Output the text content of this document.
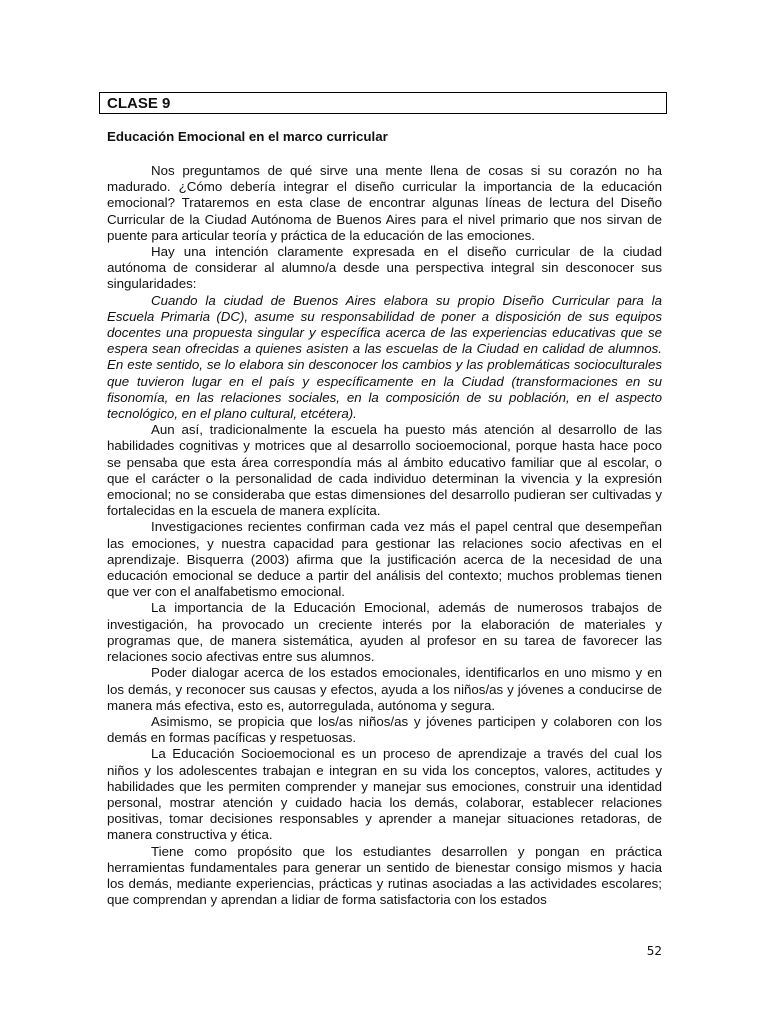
CLASE 9
Educación Emocional en el marco curricular

Nos preguntamos de qué sirve una mente llena de cosas si su corazón no ha madurado. ¿Cómo debería integrar el diseño curricular la importancia de la educación emocional? Trataremos en esta clase de encontrar algunas líneas de lectura del Diseño Curricular de la Ciudad Autónoma de Buenos Aires para el nivel primario que nos sirvan de puente para articular teoría y práctica de la educación de las emociones.

Hay una intención claramente expresada en el diseño curricular de la ciudad autónoma de considerar al alumno/a desde una perspectiva integral sin desconocer sus singularidades:

Cuando la ciudad de Buenos Aires elabora su propio Diseño Curricular para la Escuela Primaria (DC), asume su responsabilidad de poner a disposición de sus equipos docentes una propuesta singular y específica acerca de las experiencias educativas que se espera sean ofrecidas a quienes asisten a las escuelas de la Ciudad en calidad de alumnos. En este sentido, se lo elabora sin desconocer los cambios y las problemáticas socioculturales que tuvieron lugar en el país y específicamente en la Ciudad (transformaciones en su fisonomía, en las relaciones sociales, en la composición de su población, en el aspecto tecnológico, en el plano cultural, etcétera).

Aun así, tradicionalmente la escuela ha puesto más atención al desarrollo de las habilidades cognitivas y motrices que al desarrollo socioemocional, porque hasta hace poco se pensaba que esta área correspondía más al ámbito educativo familiar que al escolar, o que el carácter o la personalidad de cada individuo determinan la vivencia y la expresión emocional; no se consideraba que estas dimensiones del desarrollo pudieran ser cultivadas y fortalecidas en la escuela de manera explícita.

Investigaciones recientes confirman cada vez más el papel central que desempeñan las emociones, y nuestra capacidad para gestionar las relaciones socio afectivas en el aprendizaje. Bisquerra (2003) afirma que la justificación acerca de la necesidad de una educación emocional se deduce a partir del análisis del contexto; muchos problemas tienen que ver con el analfabetismo emocional.

La importancia de la Educación Emocional, además de numerosos trabajos de investigación, ha provocado un creciente interés por la elaboración de materiales y programas que, de manera sistemática, ayuden al profesor en su tarea de favorecer las relaciones socio afectivas entre sus alumnos.

Poder dialogar acerca de los estados emocionales, identificarlos en uno mismo y en los demás, y reconocer sus causas y efectos, ayuda a los niños/as y jóvenes a conducirse de manera más efectiva, esto es, autorregulada, autónoma y segura.

Asimismo, se propicia que los/as niños/as y jóvenes participen y colaboren con los demás en formas pacíficas y respetuosas.

La Educación Socioemocional es un proceso de aprendizaje a través del cual los niños y los adolescentes trabajan e integran en su vida los conceptos, valores, actitudes y habilidades que les permiten comprender y manejar sus emociones, construir una identidad personal, mostrar atención y cuidado hacia los demás, colaborar, establecer relaciones positivas, tomar decisiones responsables y aprender a manejar situaciones retadoras, de manera constructiva y ética.

Tiene como propósito que los estudiantes desarrollen y pongan en práctica herramientas fundamentales para generar un sentido de bienestar consigo mismos y hacia los demás, mediante experiencias, prácticas y rutinas asociadas a las actividades escolares; que comprendan y aprendan a lidiar de forma satisfactoria con los estados

52
